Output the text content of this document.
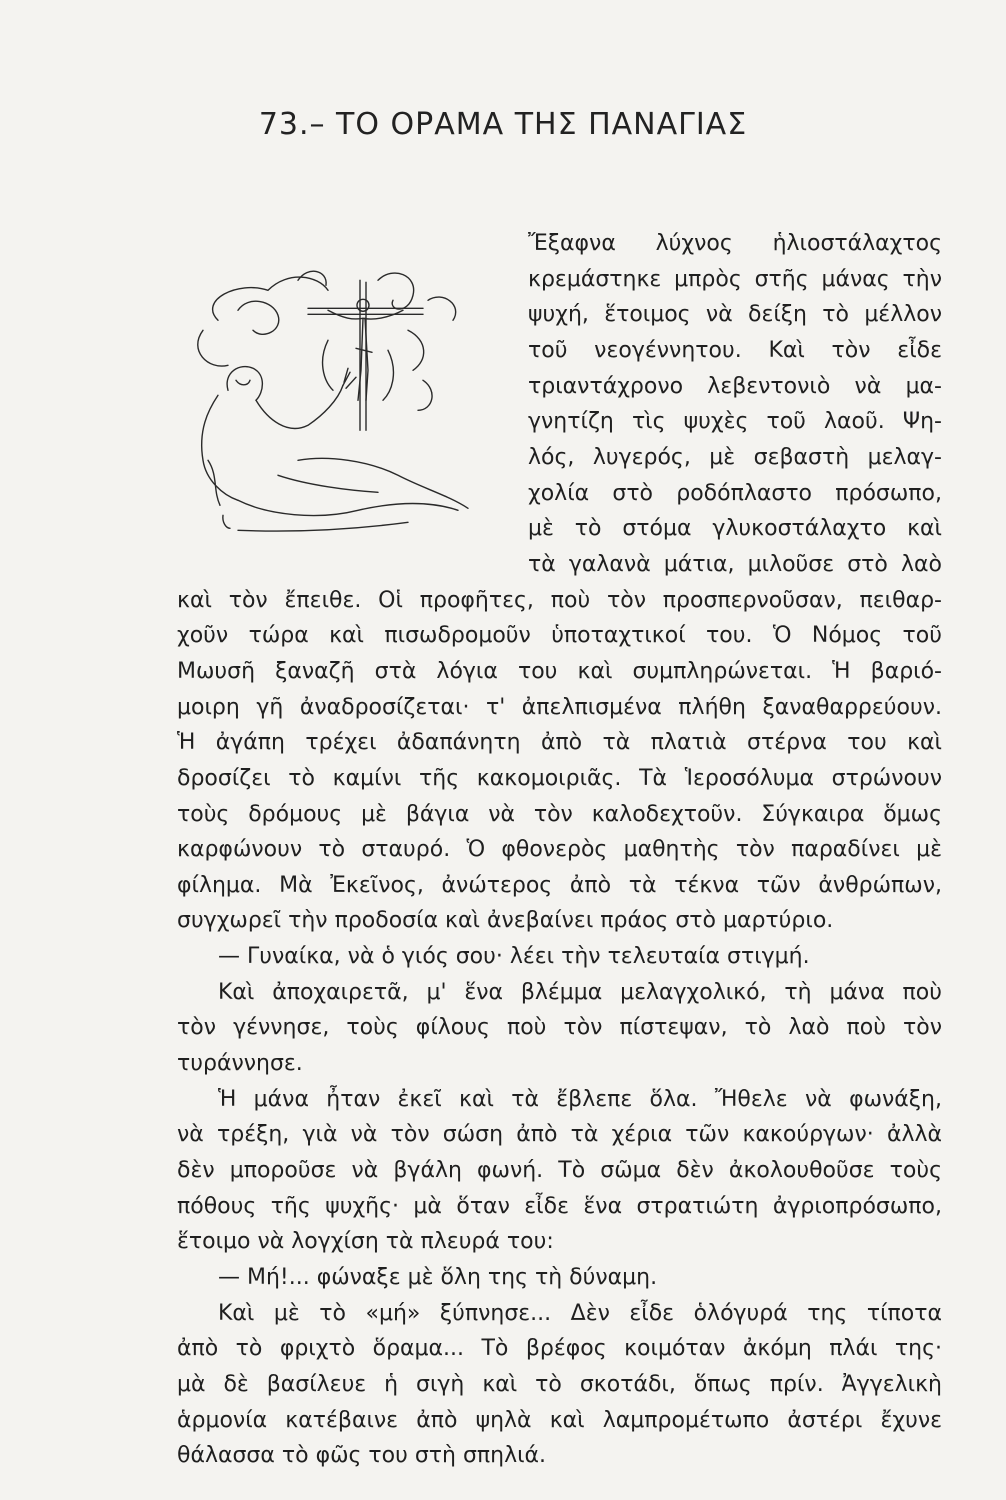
73.– ΤΟ ΟΡΑΜΑ ΤΗΣ ΠΑΝΑΓΙΑΣ

Ἔξαφνα λύχνος ἡλιοστάλαχτος

κρεμάστηκε μπρὸς στῆς μάνας τὴν

ψυχή, ἕτοιμος νὰ δείξη τὸ μέλλον

τοῦ νεογέννητου. Καὶ τὸν εἶδε

τριαντάχρονο λεβεντονιὸ νὰ μα-

γνητίζη τὶς ψυχὲς τοῦ λαοῦ. Ψη-

λός, λυγερός, μὲ σεβαστὴ μελαγ-

χολία στὸ ροδόπλαστο πρόσωπο,

μὲ τὸ στόμα γλυκοστάλαχτο καὶ

τὰ γαλανὰ μάτια, μιλοῦσε στὸ λαὸ

καὶ τὸν ἔπειθε. Οἱ προφῆτες, ποὺ τὸν προσπερνοῦσαν, πειθαρ-

χοῦν τώρα καὶ πισωδρομοῦν ὑποταχτικοί του. Ὁ Νόμος τοῦ

Μωυσῆ ξαναζῆ στὰ λόγια του καὶ συμπληρώνεται. Ἡ βαριό-

μοιρη γῆ ἀναδροσίζεται· τ' ἀπελπισμένα πλήθη ξαναθαρρεύουν.

Ἡ ἀγάπη τρέχει ἀδαπάνητη ἀπὸ τὰ πλατιὰ στέρνα του καὶ

δροσίζει τὸ καμίνι τῆς κακομοιριᾶς. Τὰ Ἱεροσόλυμα στρώνουν

τοὺς δρόμους μὲ βάγια νὰ τὸν καλοδεχτοῦν. Σύγκαιρα ὅμως

καρφώνουν τὸ σταυρό. Ὁ φθονερὸς μαθητὴς τὸν παραδίνει μὲ

φίλημα. Μὰ Ἐκεῖνος, ἀνώτερος ἀπὸ τὰ τέκνα τῶν ἀνθρώπων,

συγχωρεῖ τὴν προδοσία καὶ ἀνεβαίνει πράος στὸ μαρτύριο.

— Γυναίκα, νὰ ὁ γιός σου· λέει τὴν τελευταία στιγμή.

Καὶ ἀποχαιρετᾶ, μ' ἕνα βλέμμα μελαγχολικό, τὴ μάνα ποὺ

τὸν γέννησε, τοὺς φίλους ποὺ τὸν πίστεψαν, τὸ λαὸ ποὺ τὸν

τυράννησε.

Ἡ μάνα ἦταν ἐκεῖ καὶ τὰ ἔβλεπε ὅλα. Ἤθελε νὰ φωνάξη,

νὰ τρέξη, γιὰ νὰ τὸν σώση ἀπὸ τὰ χέρια τῶν κακούργων· ἀλλὰ

δὲν μποροῦσε νὰ βγάλη φωνή. Τὸ σῶμα δὲν ἀκολουθοῦσε τοὺς

πόθους τῆς ψυχῆς· μὰ ὅταν εἶδε ἕνα στρατιώτη ἀγριοπρόσωπο,

ἕτοιμο νὰ λογχίση τὰ πλευρά του:

— Μή!... φώναξε μὲ ὅλη της τὴ δύναμη.

Καὶ μὲ τὸ «μή» ξύπνησε... Δὲν εἶδε ὁλόγυρά της τίποτα

ἀπὸ τὸ φριχτὸ ὅραμα... Τὸ βρέφος κοιμόταν ἀκόμη πλάι της·

μὰ δὲ βασίλευε ἡ σιγὴ καὶ τὸ σκοτάδι, ὅπως πρίν. Ἀγγελικὴ

ἁρμονία κατέβαινε ἀπὸ ψηλὰ καὶ λαμπρομέτωπο ἀστέρι ἔχυνε

θάλασσα τὸ φῶς του στὴ σπηλιά.
